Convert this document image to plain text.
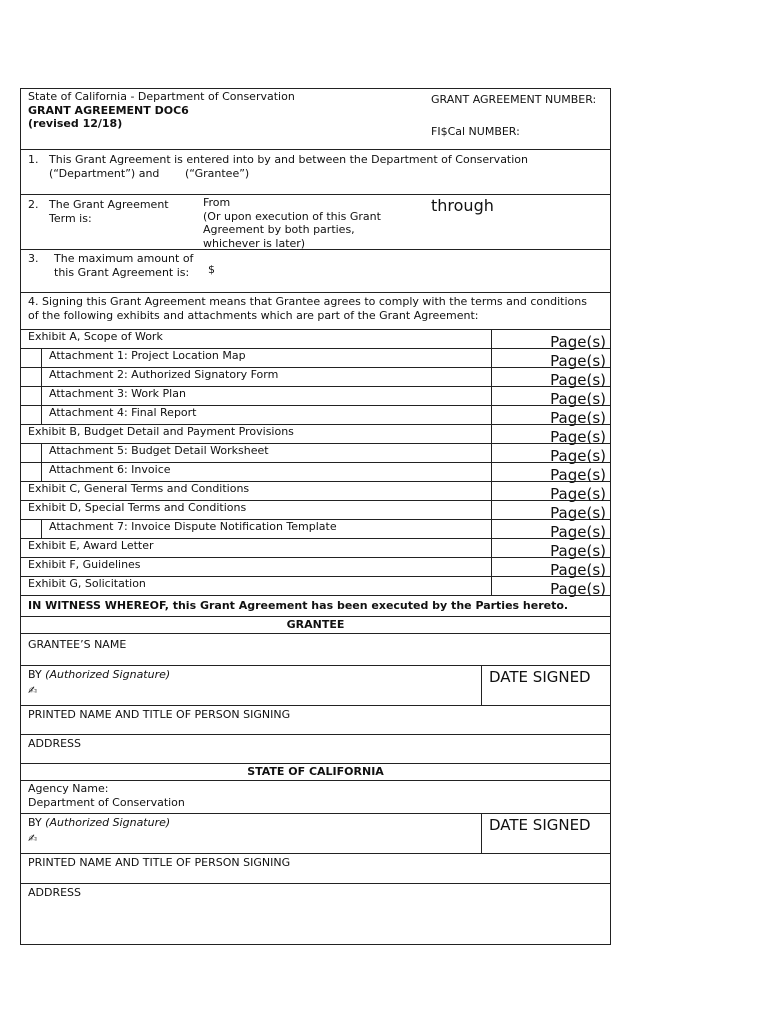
State of California - Department of Conservation
GRANT AGREEMENT DOC6
(revised 12/18)
GRANT AGREEMENT NUMBER:
FI$Cal NUMBER:
1. This Grant Agreement is entered into by and between the Department of Conservation
(“Department”) and (“Grantee”)
2. The Grant Agreement Term is:
From
(Or upon execution of this Grant Agreement by both parties, whichever is later)
through
3. The maximum amount of this Grant Agreement is:	$
4. Signing this Grant Agreement means that Grantee agrees to comply with the terms and conditions of the following exhibits and attachments which are part of the Grant Agreement:
Exhibit A, Scope of Work	Page(s)
Attachment 1: Project Location Map	Page(s)
Attachment 2: Authorized Signatory Form	Page(s)
Attachment 3: Work Plan	Page(s)
Attachment 4: Final Report	Page(s)
Exhibit B, Budget Detail and Payment Provisions	Page(s)
Attachment 5: Budget Detail Worksheet	Page(s)
Attachment 6: Invoice	Page(s)
Exhibit C, General Terms and Conditions	Page(s)
Exhibit D, Special Terms and Conditions	Page(s)
Attachment 7: Invoice Dispute Notification Template	Page(s)
Exhibit E, Award Letter	Page(s)
Exhibit F, Guidelines	Page(s)
Exhibit G, Solicitation	Page(s)
IN WITNESS WHEREOF, this Grant Agreement has been executed by the Parties hereto.
GRANTEE
GRANTEE’S NAME
BY (Authorized Signature)
✍
DATE SIGNED
PRINTED NAME AND TITLE OF PERSON SIGNING
ADDRESS
STATE OF CALIFORNIA
Agency Name:
Department of Conservation
BY (Authorized Signature)
✍
DATE SIGNED
PRINTED NAME AND TITLE OF PERSON SIGNING
ADDRESS
